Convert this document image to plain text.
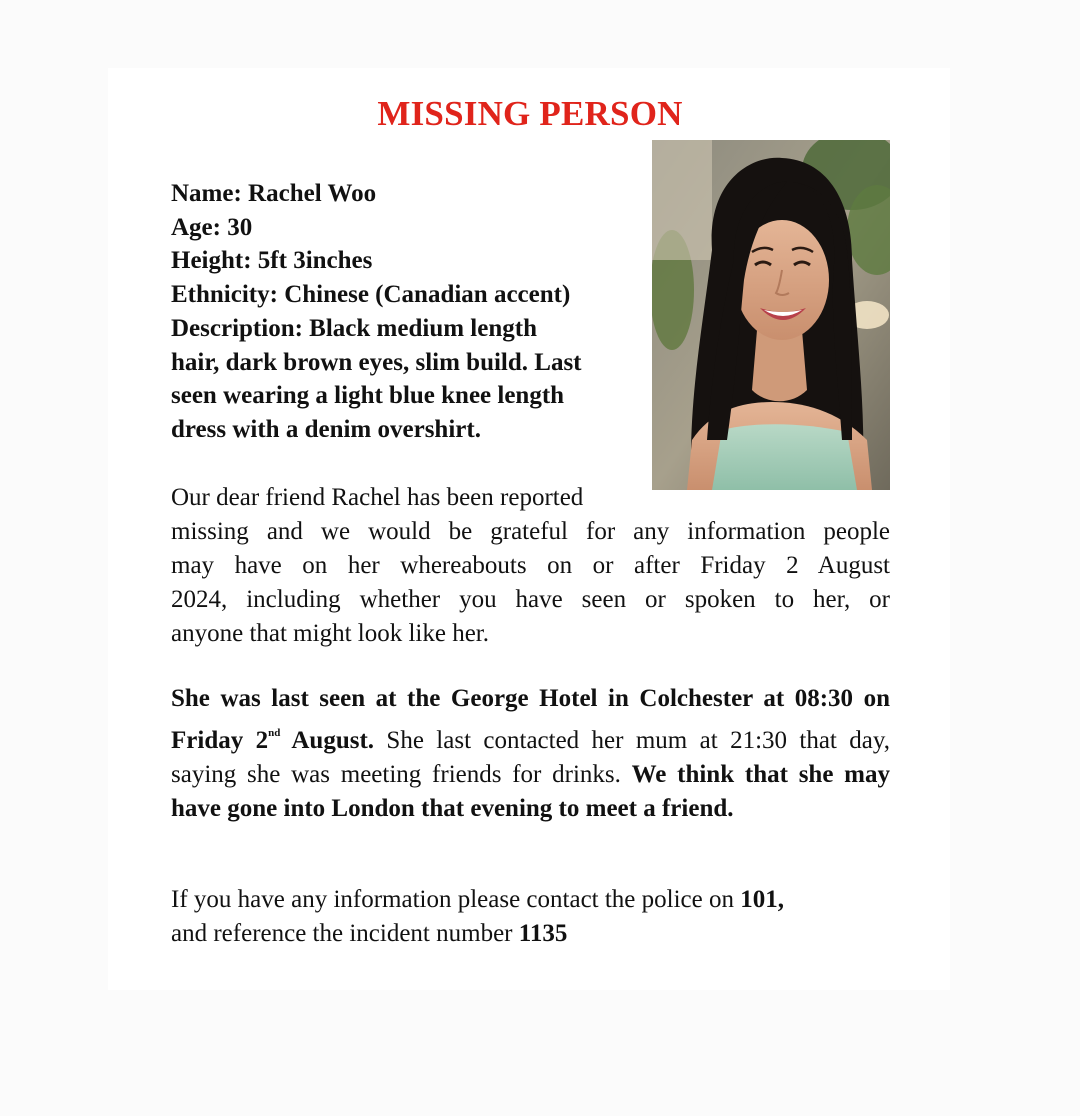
MISSING PERSON
Name: Rachel Woo
Age: 30
Height: 5ft 3inches
Ethnicity: Chinese (Canadian accent)
Description: Black medium length
hair, dark brown eyes, slim build. Last
seen wearing a light blue knee length
dress with a denim overshirt.
Our dear friend Rachel has been reported
missing and we would be grateful for any information people
may have on her whereabouts on or after Friday 2 August
2024, including whether you have seen or spoken to her, or
anyone that might look like her.
She was last seen at the George Hotel in Colchester at 08:30 on Friday 2nd August. She last contacted her mum at 21:30 that day, saying she was meeting friends for drinks. We think that she may have gone into London that evening to meet a friend.
If you have any information please contact the police on 101,
and reference the incident number 1135
